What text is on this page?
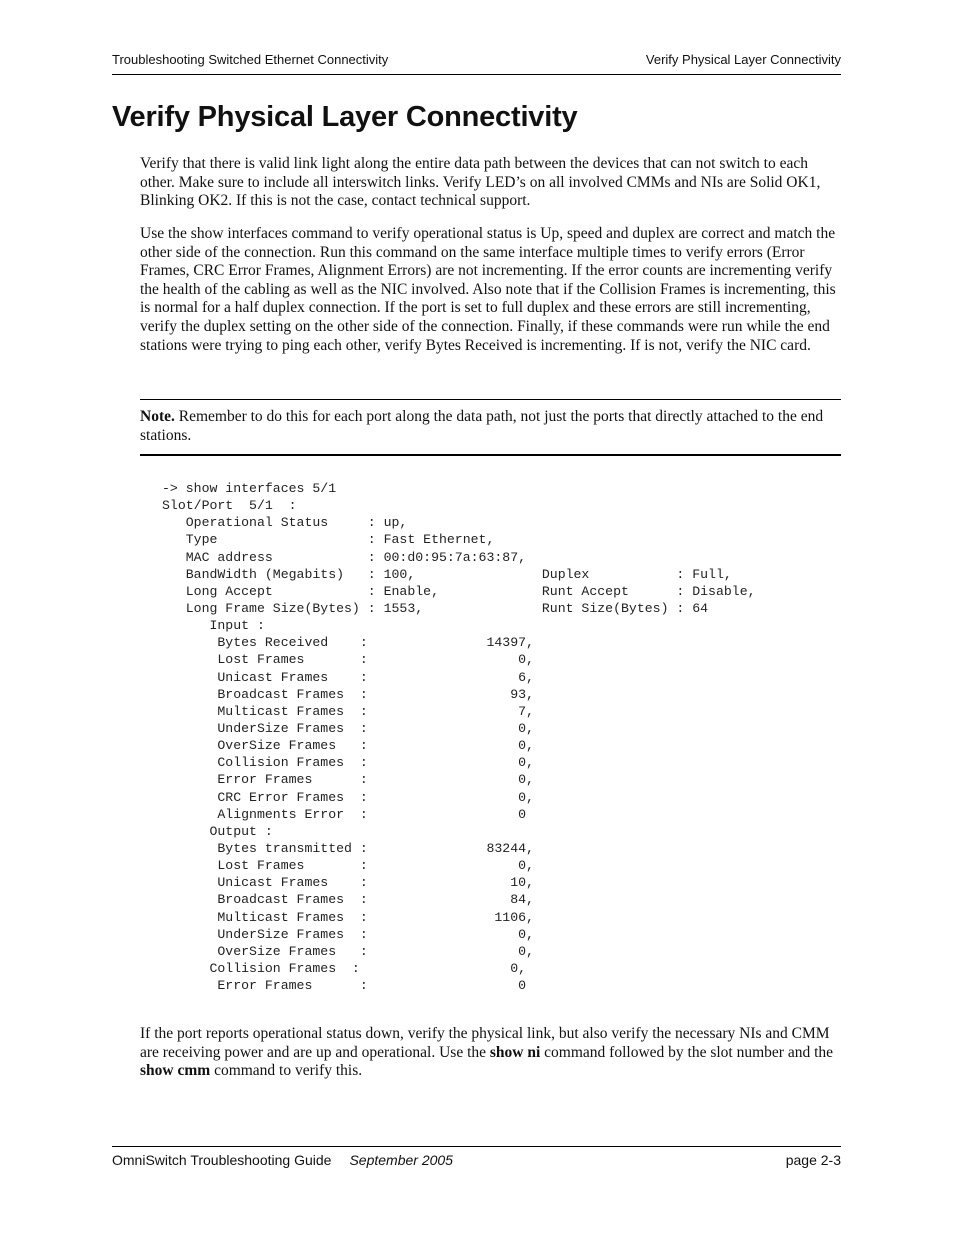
Troubleshooting Switched Ethernet Connectivity	Verify Physical Layer Connectivity
Verify Physical Layer Connectivity

Verify that there is valid link light along the entire data path between the devices that can not switch to each other. Make sure to include all interswitch links. Verify LED’s on all involved CMMs and NIs are Solid OK1, Blinking OK2. If this is not the case, contact technical support.

Use the show interfaces command to verify operational status is Up, speed and duplex are correct and match the other side of the connection. Run this command on the same interface multiple times to verify errors (Error Frames, CRC Error Frames, Alignment Errors) are not incrementing. If the error counts are incrementing verify the health of the cabling as well as the NIC involved. Also note that if the Collision Frames is incrementing, this is normal for a half duplex connection. If the port is set to full duplex and these errors are still incrementing, verify the duplex setting on the other side of the connection. Finally, if these commands were run while the end stations were trying to ping each other, verify Bytes Received is incrementing. If is not, verify the NIC card.

Note. Remember to do this for each port along the data path, not just the ports that directly attached to the end stations.

-> show interfaces 5/1
Slot/Port  5/1  :
Operational Status     : up,
Type                   : Fast Ethernet,
MAC address            : 00:d0:95:7a:63:87,
BandWidth (Megabits)   : 100,                Duplex           : Full,
Long Accept            : Enable,             Runt Accept      : Disable,
Long Frame Size(Bytes) : 1553,               Runt Size(Bytes) : 64
Input :
Bytes Received    :               14397,
Lost Frames       :                   0,
Unicast Frames    :                   6,
Broadcast Frames  :                  93,
Multicast Frames  :                   7,
UnderSize Frames  :                   0,
OverSize Frames   :                   0,
Collision Frames  :                   0,
Error Frames      :                   0,
CRC Error Frames  :                   0,
Alignments Error  :                   0
Output :
Bytes transmitted :               83244,
Lost Frames       :                   0,
Unicast Frames    :                  10,
Broadcast Frames  :                  84,
Multicast Frames  :                1106,
UnderSize Frames  :                   0,
OverSize Frames   :                   0,
Collision Frames  :                   0,
Error Frames      :                   0

If the port reports operational status down, verify the physical link, but also verify the necessary NIs and CMM are receiving power and are up and operational. Use the show ni command followed by the slot number and the show cmm command to verify this.

OmniSwitch Troubleshooting Guide September 2005	page 2-3
